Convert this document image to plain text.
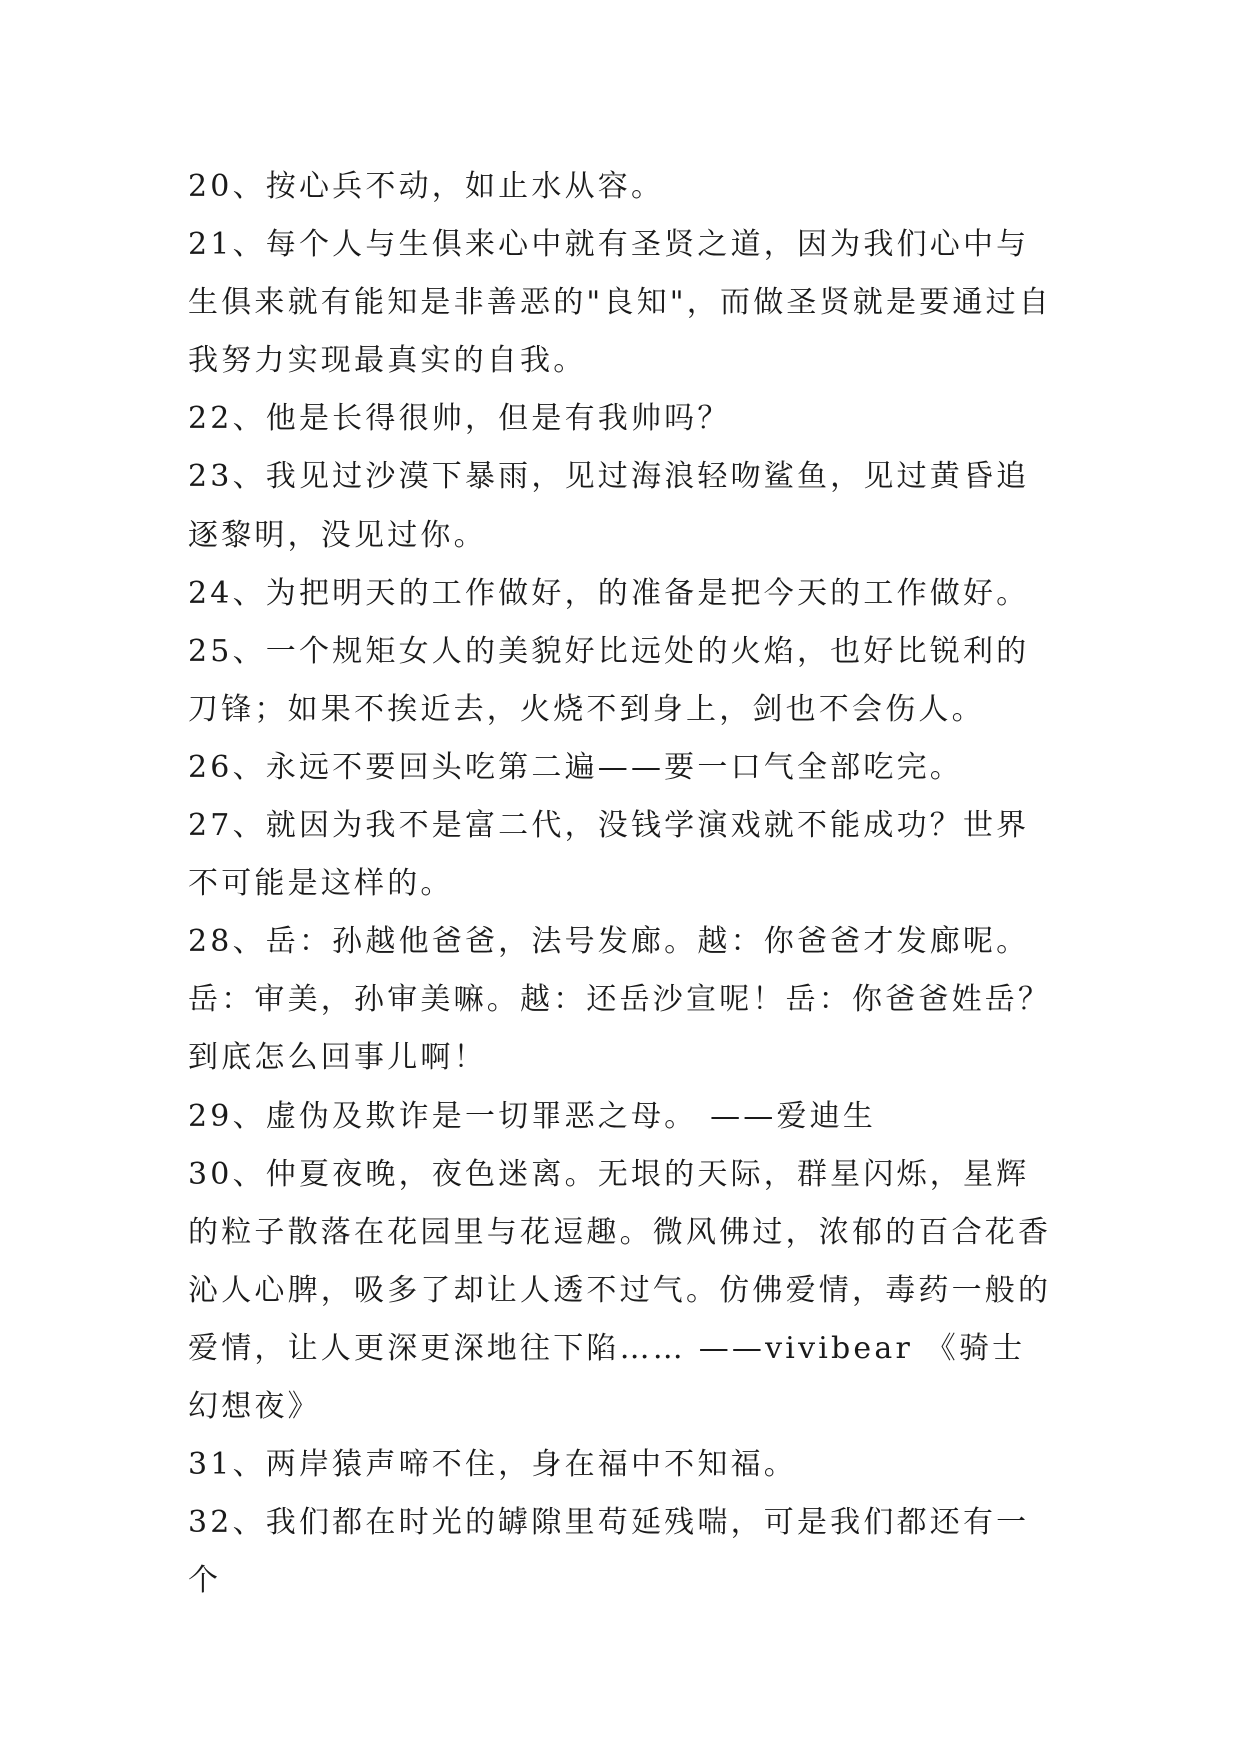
20、按心兵不动，如止水从容。

21、每个人与生俱来心中就有圣贤之道，因为我们心中与生俱来就有能知是非善恶的"良知"，而做圣贤就是要通过自我努力实现最真实的自我。

22、他是长得很帅，但是有我帅吗？

23、我见过沙漠下暴雨，见过海浪轻吻鲨鱼，见过黄昏追逐黎明，没见过你。

24、为把明天的工作做好，的准备是把今天的工作做好。

25、一个规矩女人的美貌好比远处的火焰，也好比锐利的刀锋；如果不挨近去，火烧不到身上，剑也不会伤人。

26、永远不要回头吃第二遍——要一口气全部吃完。

27、就因为我不是富二代，没钱学演戏就不能成功？世界不可能是这样的。

28、岳：孙越他爸爸，法号发廊。越：你爸爸才发廊呢。岳：审美，孙审美嘛。越：还岳沙宣呢！岳：你爸爸姓岳？到底怎么回事儿啊！

29、虚伪及欺诈是一切罪恶之母。 ——爱迪生

30、仲夏夜晚，夜色迷离。无垠的天际，群星闪烁，星辉的粒子散落在花园里与花逗趣。微风佛过，浓郁的百合花香沁人心脾，吸多了却让人透不过气。仿佛爱情，毒药一般的爱情，让人更深更深地往下陷…… ——vivibear 《骑士幻想夜》

31、两岸猿声啼不住，身在福中不知福。

32、我们都在时光的罅隙里苟延残喘，可是我们都还有一个
